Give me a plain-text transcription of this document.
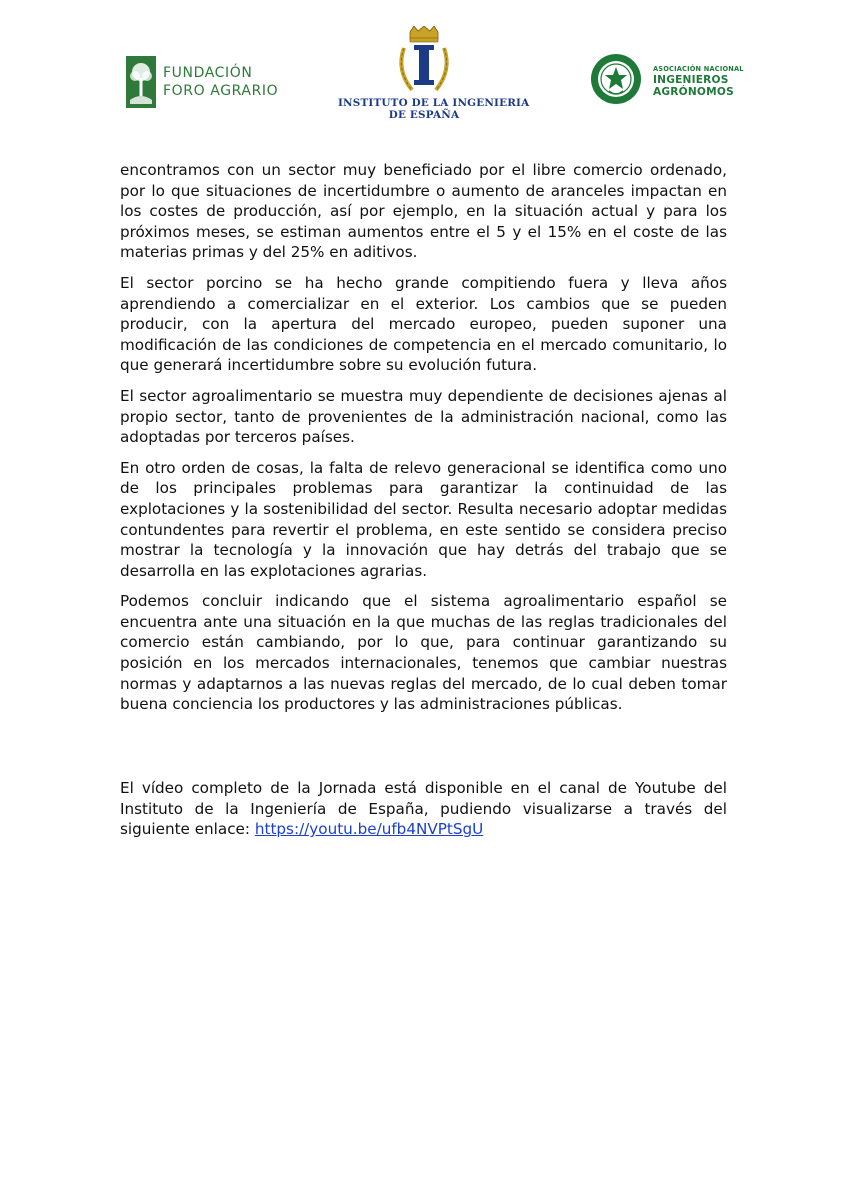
FUNDACIÓN
FORO AGRARIO
INSTITUTO DE LA INGENIERIA
DE ESPAÑA
ASOCIACIÓN NACIONAL
INGENIEROS
AGRÓNOMOS

encontramos con un sector muy beneficiado por el libre comercio ordenado, por lo que situaciones de incertidumbre o aumento de aranceles impactan en los costes de producción, así por ejemplo, en la situación actual y para los próximos meses, se estiman aumentos entre el 5 y el 15% en el coste de las materias primas y del 25% en aditivos.

El sector porcino se ha hecho grande compitiendo fuera y lleva años aprendiendo a comercializar en el exterior. Los cambios que se pueden producir, con la apertura del mercado europeo, pueden suponer una modificación de las condiciones de competencia en el mercado comunitario, lo que generará incertidumbre sobre su evolución futura.

El sector agroalimentario se muestra muy dependiente de decisiones ajenas al propio sector, tanto de provenientes de la administración nacional, como las adoptadas por terceros países.

En otro orden de cosas, la falta de relevo generacional se identifica como uno de los principales problemas para garantizar la continuidad de las explotaciones y la sostenibilidad del sector. Resulta necesario adoptar medidas contundentes para revertir el problema, en este sentido se considera preciso mostrar la tecnología y la innovación que hay detrás del trabajo que se desarrolla en las explotaciones agrarias.

Podemos concluir indicando que el sistema agroalimentario español se encuentra ante una situación en la que muchas de las reglas tradicionales del comercio están cambiando, por lo que, para continuar garantizando su posición en los mercados internacionales, tenemos que cambiar nuestras normas y adaptarnos a las nuevas reglas del mercado, de lo cual deben tomar buena conciencia los productores y las administraciones públicas.

El vídeo completo de la Jornada está disponible en el canal de Youtube del Instituto de la Ingeniería de España, pudiendo visualizarse a través del siguiente enlace: https://youtu.be/ufb4NVPtSgU
